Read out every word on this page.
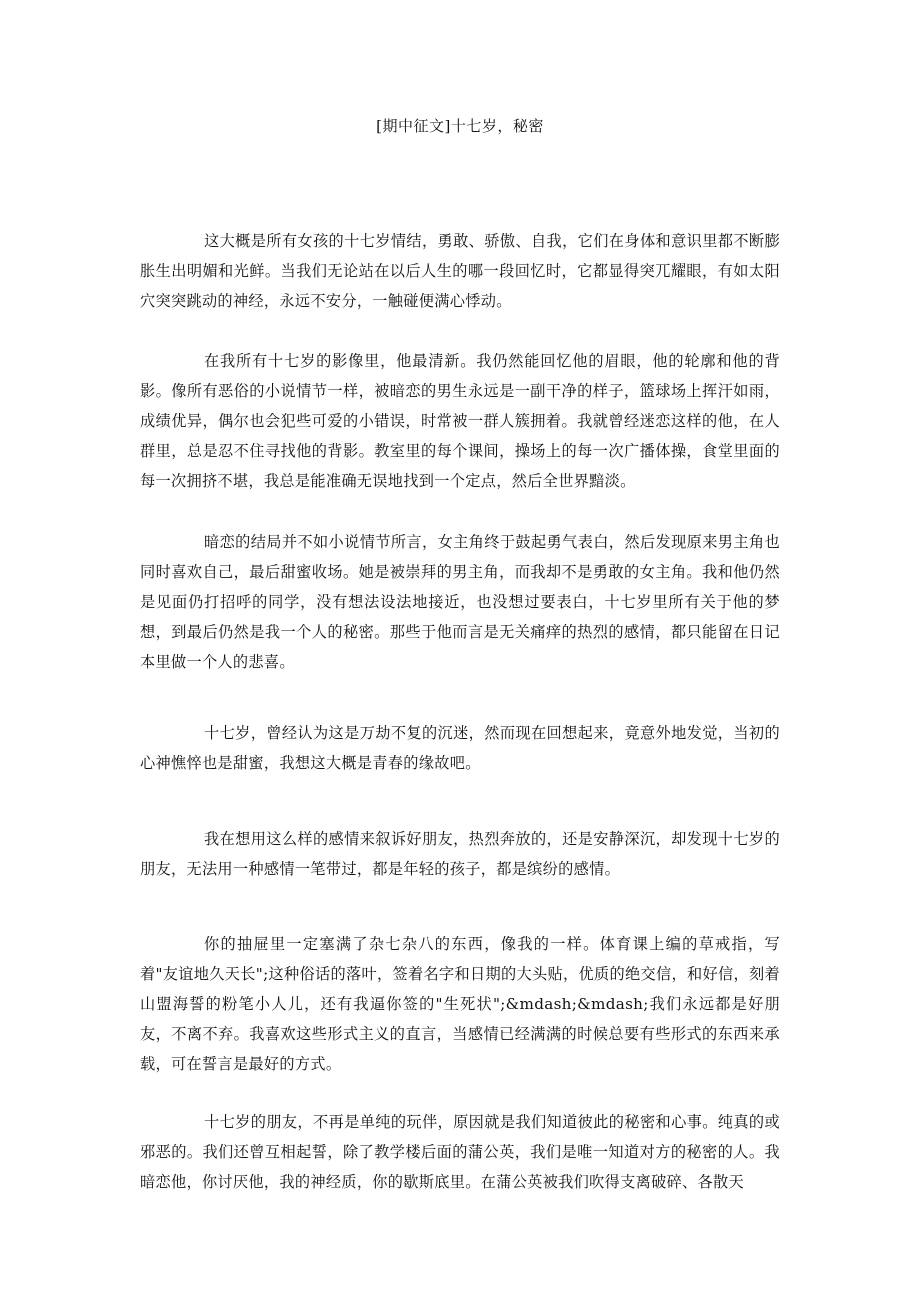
[期中征文]十七岁，秘密

这大概是所有女孩的十七岁情结，勇敢、骄傲、自我，它们在身体和意识里都不断膨胀生出明媚和光鲜。当我们无论站在以后人生的哪一段回忆时，它都显得突兀耀眼，有如太阳穴突突跳动的神经，永远不安分，一触碰便满心悸动。

在我所有十七岁的影像里，他最清新。我仍然能回忆他的眉眼，他的轮廓和他的背影。像所有恶俗的小说情节一样，被暗恋的男生永远是一副干净的样子，篮球场上挥汗如雨，成绩优异，偶尔也会犯些可爱的小错误，时常被一群人簇拥着。我就曾经迷恋这样的他，在人群里，总是忍不住寻找他的背影。教室里的每个课间，操场上的每一次广播体操，食堂里面的每一次拥挤不堪，我总是能准确无误地找到一个定点，然后全世界黯淡。

暗恋的结局并不如小说情节所言，女主角终于鼓起勇气表白，然后发现原来男主角也同时喜欢自己，最后甜蜜收场。她是被崇拜的男主角，而我却不是勇敢的女主角。我和他仍然是见面仍打招呼的同学，没有想法设法地接近，也没想过要表白，十七岁里所有关于他的梦想，到最后仍然是我一个人的秘密。那些于他而言是无关痛痒的热烈的感情，都只能留在日记本里做一个人的悲喜。

十七岁，曾经认为这是万劫不复的沉迷，然而现在回想起来，竟意外地发觉，当初的心神憔悴也是甜蜜，我想这大概是青春的缘故吧。

我在想用这么样的感情来叙诉好朋友，热烈奔放的，还是安静深沉，却发现十七岁的朋友，无法用一种感情一笔带过，都是年轻的孩子，都是缤纷的感情。

你的抽屉里一定塞满了杂七杂八的东西，像我的一样。体育课上编的草戒指，写着"友谊地久天长";这种俗话的落叶，签着名字和日期的大头贴，优质的绝交信，和好信，刻着山盟海誓的粉笔小人儿，还有我逼你签的"生死状";&mdash;&mdash;我们永远都是好朋友，不离不弃。我喜欢这些形式主义的直言，当感情已经满满的时候总要有些形式的东西来承载，可在誓言是最好的方式。

十七岁的朋友，不再是单纯的玩伴，原因就是我们知道彼此的秘密和心事。纯真的或邪恶的。我们还曾互相起誓，除了教学楼后面的蒲公英，我们是唯一知道对方的秘密的人。我暗恋他，你讨厌他，我的神经质，你的歇斯底里。在蒲公英被我们吹得支离破碎、各散天
